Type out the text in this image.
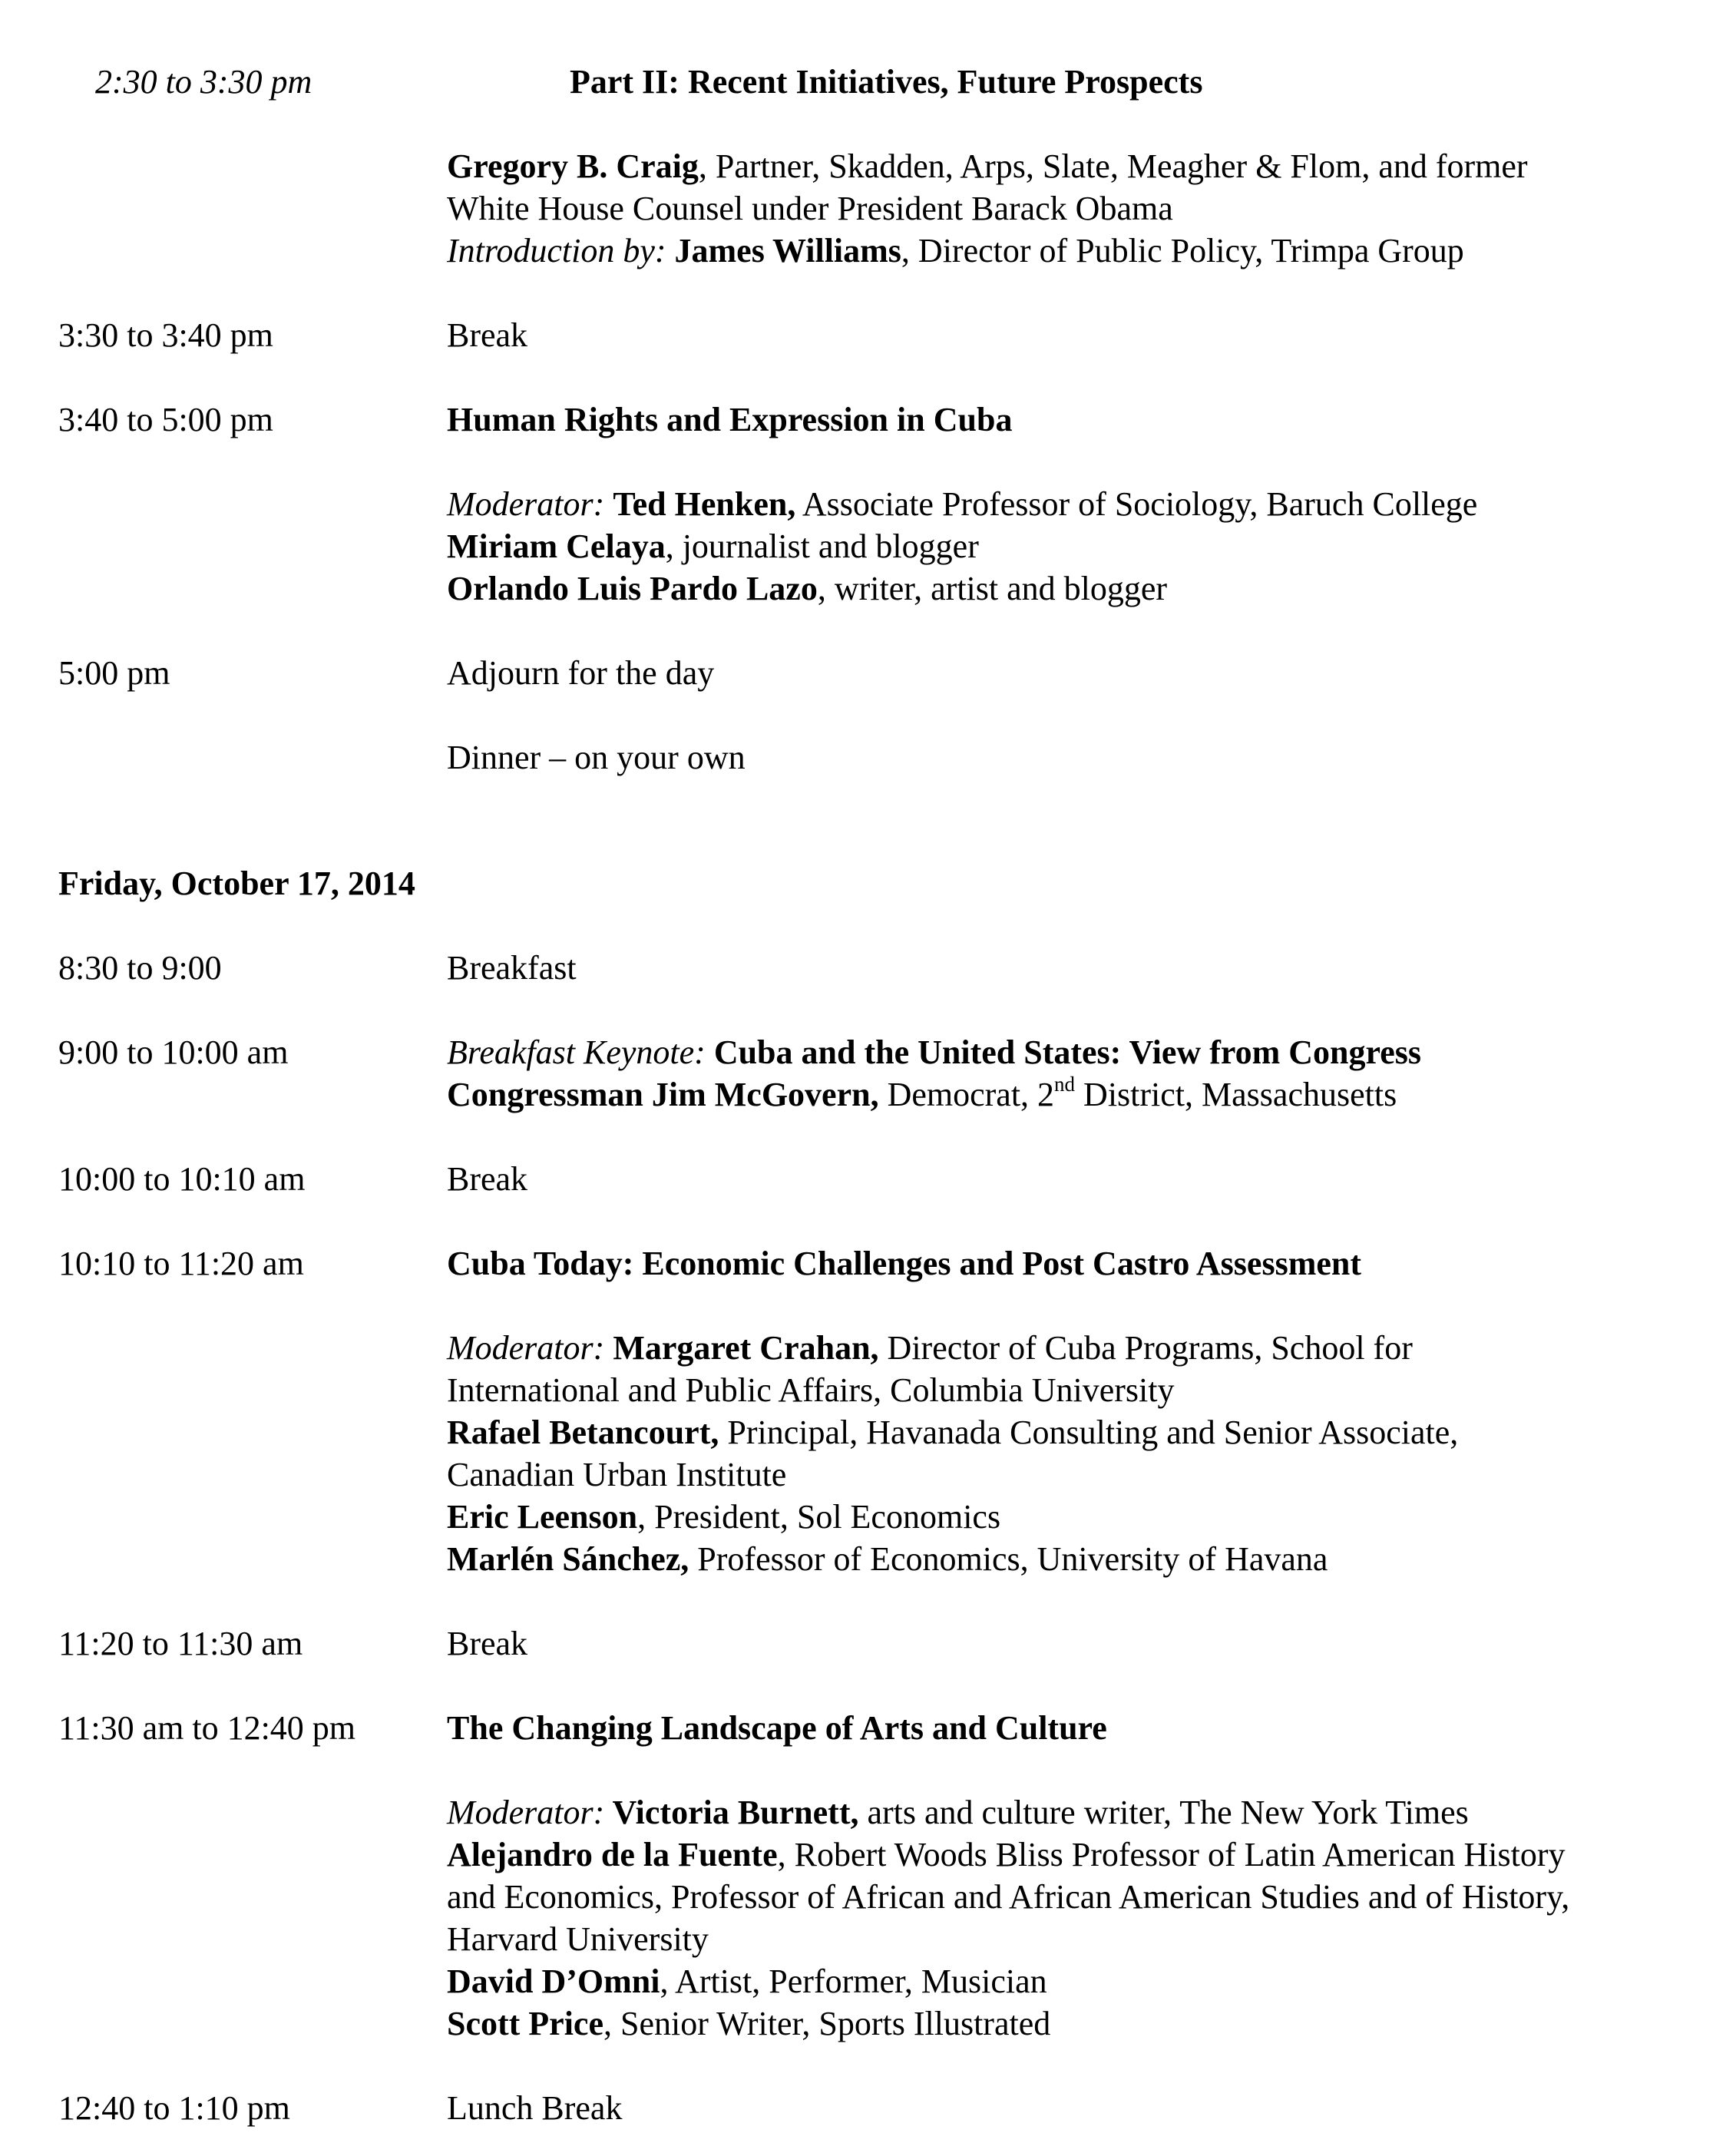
2:30 to 3:30 pm	Part II: Recent Initiatives, Future Prospects
Gregory B. Craig, Partner, Skadden, Arps, Slate, Meagher & Flom, and former
White House Counsel under President Barack Obama
Introduction by: James Williams, Director of Public Policy, Trimpa Group
3:30 to 3:40 pm	Break
3:40 to 5:00 pm	Human Rights and Expression in Cuba
Moderator: Ted Henken, Associate Professor of Sociology, Baruch College
Miriam Celaya, journalist and blogger
Orlando Luis Pardo Lazo, writer, artist and blogger
5:00 pm	Adjourn for the day
Dinner – on your own
Friday, October 17, 2014
8:30 to 9:00	Breakfast
9:00 to 10:00 am	Breakfast Keynote: Cuba and the United States: View from Congress
Congressman Jim McGovern, Democrat, 2nd District, Massachusetts
10:00 to 10:10 am	Break
10:10 to 11:20 am	Cuba Today: Economic Challenges and Post Castro Assessment
Moderator: Margaret Crahan, Director of Cuba Programs, School for
International and Public Affairs, Columbia University
Rafael Betancourt, Principal, Havanada Consulting and Senior Associate,
Canadian Urban Institute
Eric Leenson, President, Sol Economics
Marlén Sánchez, Professor of Economics, University of Havana
11:20 to 11:30 am	Break
11:30 am to 12:40 pm	The Changing Landscape of Arts and Culture
Moderator: Victoria Burnett, arts and culture writer, The New York Times
Alejandro de la Fuente, Robert Woods Bliss Professor of Latin American History
and Economics, Professor of African and African American Studies and of History,
Harvard University
David D’Omni, Artist, Performer, Musician
Scott Price, Senior Writer, Sports Illustrated
12:40 to 1:10 pm	Lunch Break
